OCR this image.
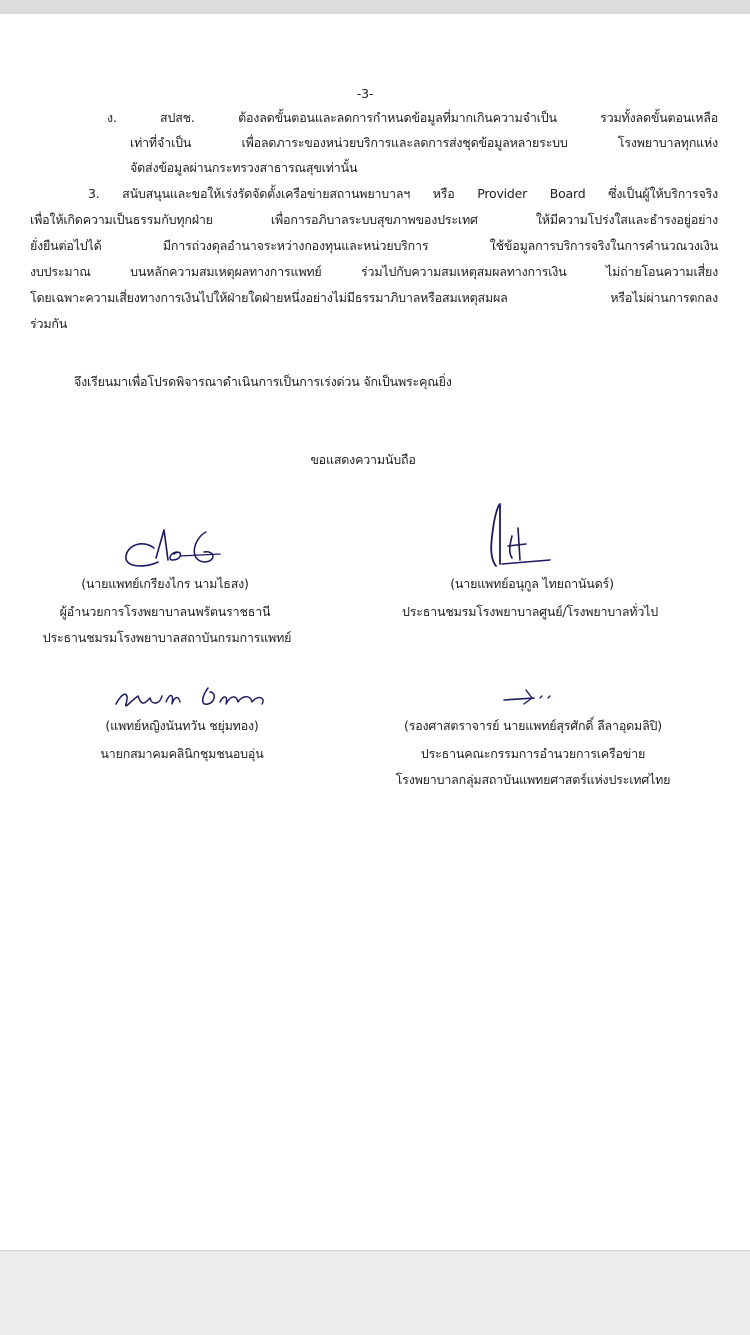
-3-
ง. สปสช. ต้องลดขั้นตอนและลดการกำหนดข้อมูลที่มากเกินความจำเป็น รวมทั้งลดขั้นตอนเหลือ
เท่าที่จำเป็น เพื่อลดภาระของหน่วยบริการและลดการส่งชุดข้อมูลหลายระบบ โรงพยาบาลทุกแห่ง
จัดส่งข้อมูลผ่านกระทรวงสาธารณสุขเท่านั้น
3. สนับสนุนและขอให้เร่งรัดจัดตั้งเครือข่ายสถานพยาบาลฯ หรือ Provider Board ซึ่งเป็นผู้ให้บริการจริง
เพื่อให้เกิดความเป็นธรรมกับทุกฝ่าย เพื่อการอภิบาลระบบสุขภาพของประเทศ ให้มีความโปร่งใสและธำรงอยู่อย่าง
ยั่งยืนต่อไปได้ มีการถ่วงดุลอำนาจระหว่างกองทุนและหน่วยบริการ ใช้ข้อมูลการบริการจริงในการคำนวณวงเงิน
งบประมาณ บนหลักความสมเหตุผลทางการแพทย์ ร่วมไปกับความสมเหตุสมผลทางการเงิน ไม่ถ่ายโอนความเสี่ยง
โดยเฉพาะความเสี่ยงทางการเงินไปให้ฝ่ายใดฝ่ายหนึ่งอย่างไม่มีธรรมาภิบาลหรือสมเหตุสมผล หรือไม่ผ่านการตกลง
ร่วมกัน
จึงเรียนมาเพื่อโปรดพิจารณาดำเนินการเป็นการเร่งด่วน จักเป็นพระคุณยิ่ง
ขอแสดงความนับถือ
(นายแพทย์เกรียงไกร นามไธสง)
ผู้อำนวยการโรงพยาบาลนพรัตนราชธานี
ประธานชมรมโรงพยาบาลสถาบันกรมการแพทย์
(นายแพทย์อนุกูล ไทยถานันดร์)
ประธานชมรมโรงพยาบาลศูนย์/โรงพยาบาลทั่วไป
(แพทย์หญิงนันทวัน ชยุ่มทอง)
นายกสมาคมคลินิกชุมชนอบอุ่น
(รองศาสตราจารย์ นายแพทย์สุรศักดิ์ ลีลาอุดมลิปิ)
ประธานคณะกรรมการอำนวยการเครือข่าย
โรงพยาบาลกลุ่มสถาบันแพทยศาสตร์แห่งประเทศไทย
